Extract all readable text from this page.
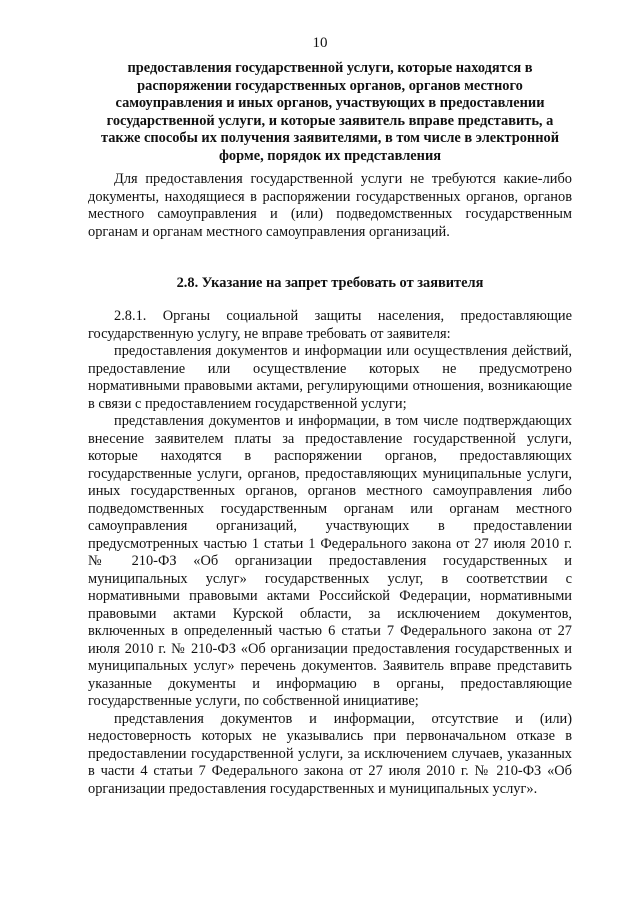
10
предоставления государственной услуги, которые находятся в
распоряжении государственных органов, органов местного
самоуправления и иных органов, участвующих в предоставлении
государственной услуги, и которые заявитель вправе представить, а
также способы их получения заявителями, в том числе в электронной
форме, порядок их представления

Для предоставления государственной услуги не требуются какие-либо документы, находящиеся в распоряжении государственных органов, органов местного самоуправления и (или) подведомственных государственным органам и органам местного самоуправления организаций.

2.8. Указание на запрет требовать от заявителя

2.8.1. Органы социальной защиты населения, предоставляющие государственную услугу, не вправе требовать от заявителя:

предоставления документов и информации или осуществления действий, предоставление или осуществление которых не предусмотрено нормативными правовыми актами, регулирующими отношения, возникающие в связи с предоставлением государственной услуги;

представления документов и информации, в том числе подтверждающих внесение заявителем платы за предоставление государственной услуги, которые находятся в распоряжении органов, предоставляющих государственные услуги, органов, предоставляющих муниципальные услуги, иных государственных органов, органов местного самоуправления либо подведомственных государственным органам или органам местного самоуправления организаций, участвующих в предоставлении предусмотренных частью 1 статьи 1 Федерального закона от 27 июля 2010 г. № 210-ФЗ «Об организации предоставления государственных и муниципальных услуг» государственных услуг, в соответствии с нормативными правовыми актами Российской Федерации, нормативными правовыми актами Курской области, за исключением документов, включенных в определенный частью 6 статьи 7 Федерального закона от 27 июля 2010 г. № 210-ФЗ «Об организации предоставления государственных и муниципальных услуг» перечень документов. Заявитель вправе представить указанные документы и информацию в органы, предоставляющие государственные услуги, по собственной инициативе;

представления документов и информации, отсутствие и (или) недостоверность которых не указывались при первоначальном отказе в предоставлении государственной услуги, за исключением случаев, указанных в части 4 статьи 7 Федерального закона от 27 июля 2010 г. № 210-ФЗ «Об организации предоставления государственных и муниципальных услуг».
